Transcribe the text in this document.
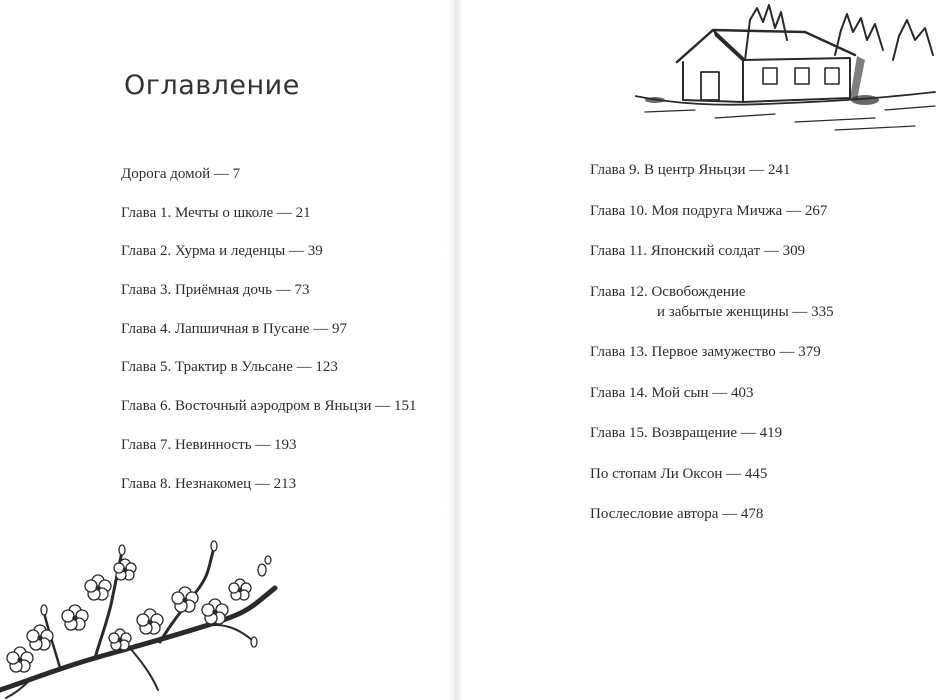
Оглавление
Дорога домой — 7
Глава 1. Мечты о школе — 21
Глава 2. Хурма и леденцы — 39
Глава 3. Приёмная дочь — 73
Глава 4. Лапшичная в Пусане — 97
Глава 5. Трактир в Ульсане — 123
Глава 6. Восточный аэродром в Яньцзи — 151
Глава 7. Невинность — 193
Глава 8. Незнакомец — 213
Глава 9. В центр Яньцзи — 241
Глава 10. Моя подруга Мичжа — 267
Глава 11. Японский солдат — 309
Глава 12. Освобождение
и забытые женщины — 335
Глава 13. Первое замужество — 379
Глава 14. Мой сын — 403
Глава 15. Возвращение — 419
По стопам Ли Оксон — 445
Послесловие автора — 478
